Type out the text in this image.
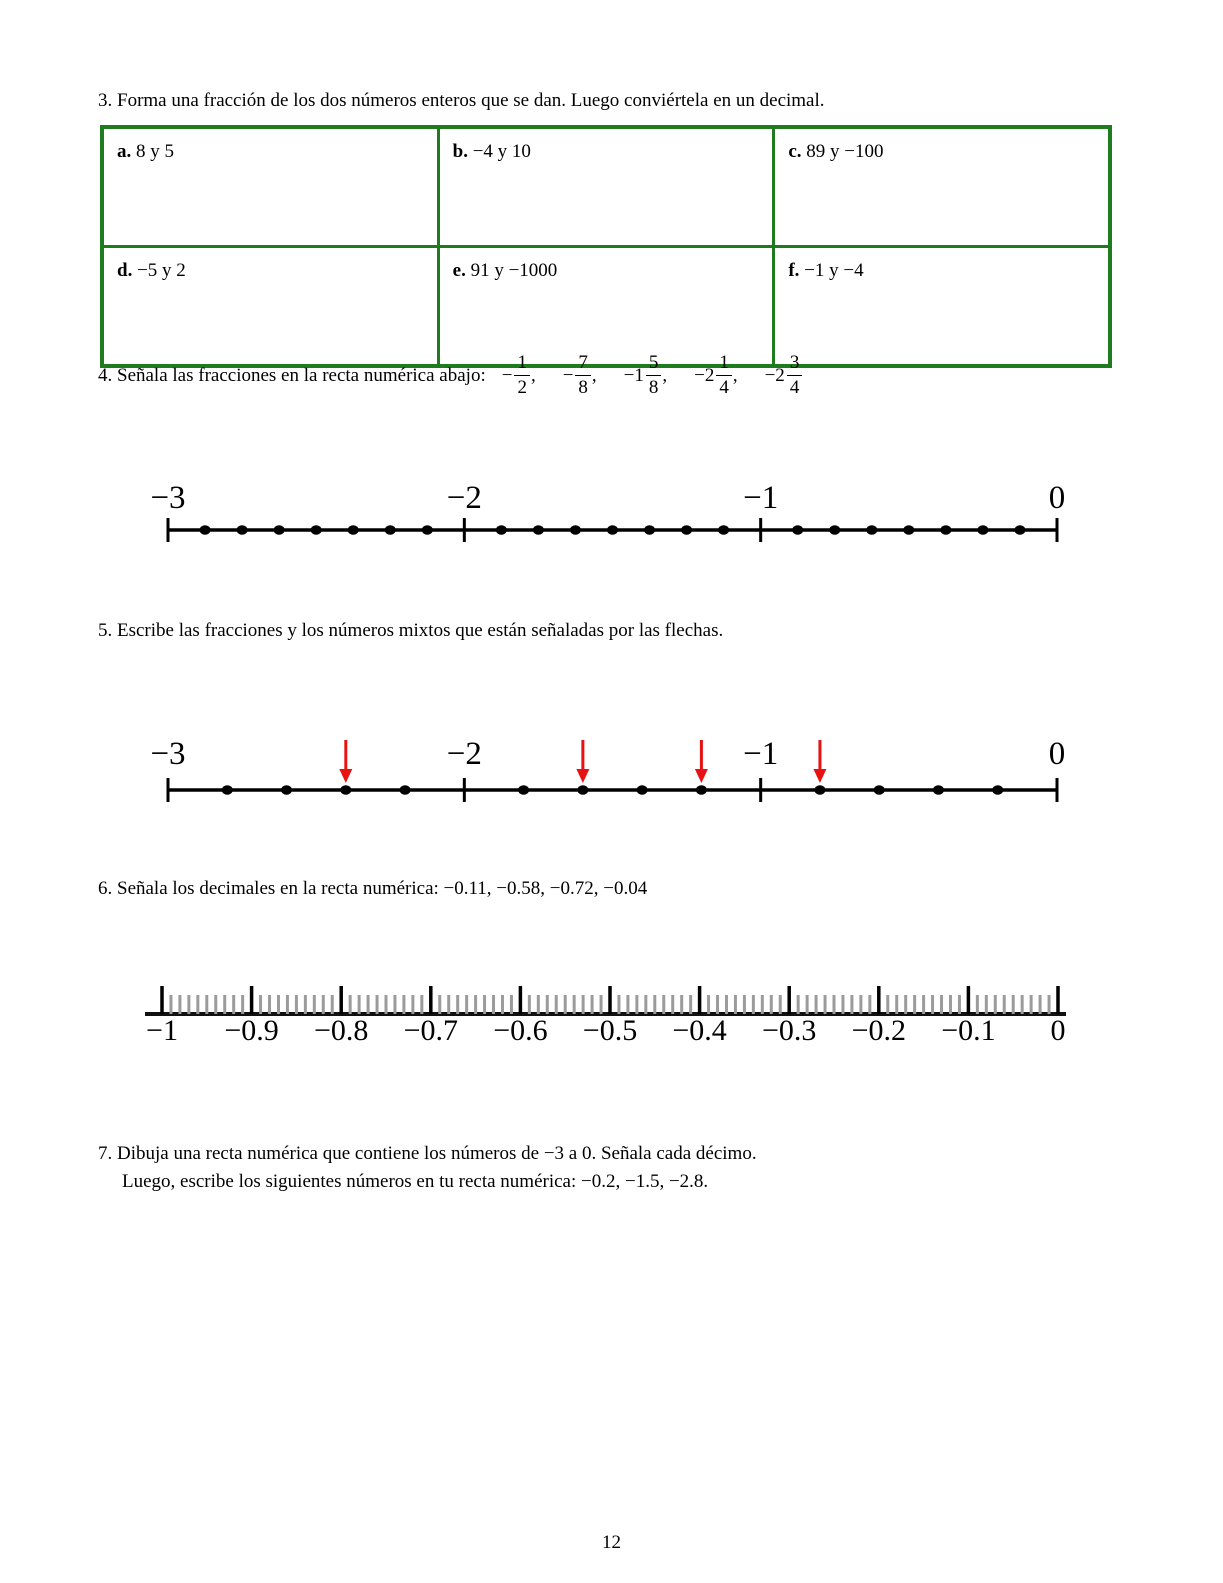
3. Forma una fracción de los dos números enteros que se dan. Luego conviértela en un decimal.
a. 8 y 5	b. −4 y 10	c. 89 y −100
d. −5 y 2	e. 91 y −1000	f. −1 y −4
4. Señala las fracciones en la recta numérica abajo: − $\frac{1}{2}$ , − $\frac{7}{8}$ , $-1 \frac{5}{8}$ , $-2 \frac{1}{4}$ , $-2 \frac{3}{4}$
−3	−2	−1	0
5. Escribe las fracciones y los números mixtos que están señaladas por las flechas.
−3	−2	−1	0
6. Señala los decimales en la recta numérica: −0.11, −0.58, −0.72, −0.04
−1 −0.9 −0.8 −0.7 −0.6 −0.5 −0.4 −0.3 −0.2 −0.1 0
7. Dibuja una recta numérica que contiene los números de −3 a 0. Señala cada décimo.
Luego, escribe los siguientes números en tu recta numérica: −0.2, −1.5, −2.8.
12
